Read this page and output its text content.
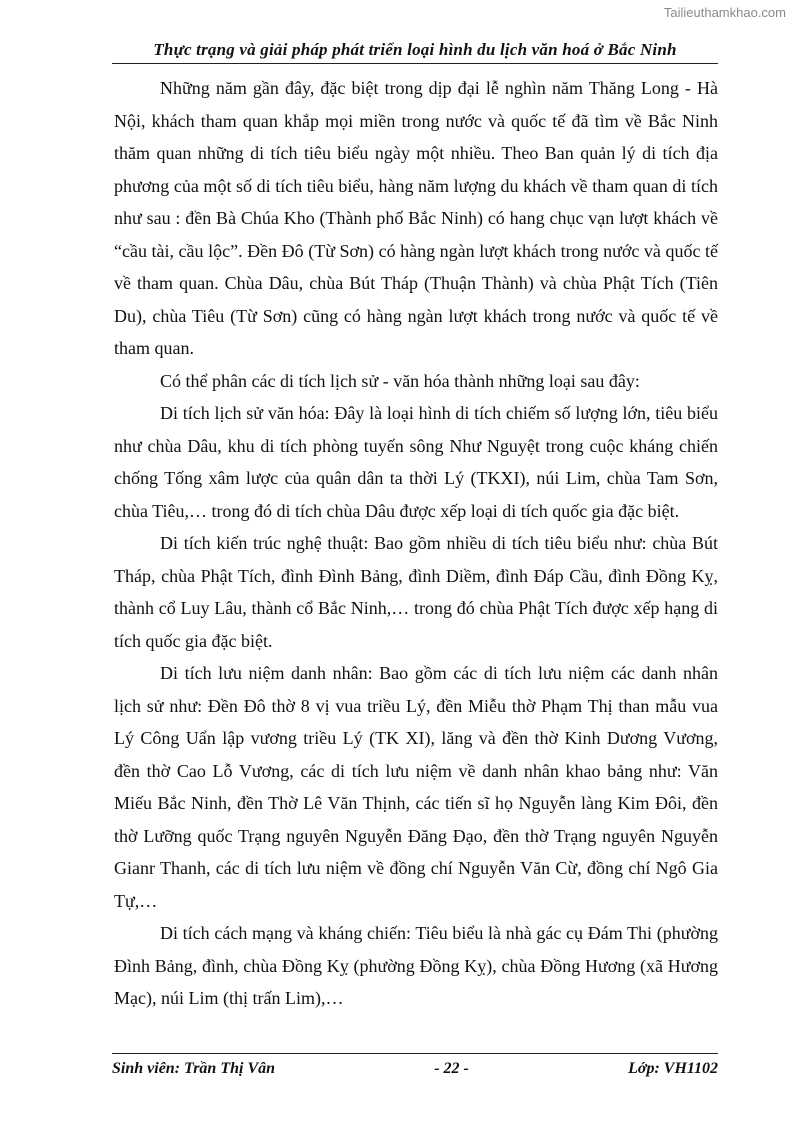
Tailieuthamkhao.com
Thực trạng và giải pháp phát triển loại hình du lịch văn hoá ở Bắc Ninh

Những năm gần đây, đặc biệt trong dịp đại lễ nghìn năm Thăng Long - Hà Nội, khách tham quan khắp mọi miền trong nước và quốc tế đã tìm về Bắc Ninh thăm quan những di tích tiêu biểu ngày một nhiều. Theo Ban quản lý di tích địa phương của một số di tích tiêu biểu, hàng năm lượng du khách về tham quan di tích như sau : đền Bà Chúa Kho (Thành phố Bắc Ninh) có hang chục vạn lượt khách về “cầu tài, cầu lộc”. Đền Đô (Từ Sơn) có hàng ngàn lượt khách trong nước và quốc tế về tham quan. Chùa Dâu, chùa Bút Tháp (Thuận Thành) và chùa Phật Tích (Tiên Du), chùa Tiêu (Từ Sơn) cũng có hàng ngàn lượt khách trong nước và quốc tế về tham quan.

Có thể phân các di tích lịch sử - văn hóa thành những loại sau đây:

Di tích lịch sử văn hóa: Đây là loại hình di tích chiếm số lượng lớn, tiêu biểu như chùa Dâu, khu di tích phòng tuyến sông Như Nguyệt trong cuộc kháng chiến chống Tống xâm lược của quân dân ta thời Lý (TKXI), núi Lim, chùa Tam Sơn, chùa Tiêu,… trong đó di tích chùa Dâu được xếp loại di tích quốc gia đặc biệt.

Di tích kiến trúc nghệ thuật: Bao gồm nhiều di tích tiêu biểu như: chùa Bút Tháp, chùa Phật Tích, đình Đình Bảng, đình Diềm, đình Đáp Cầu, đình Đồng Kỵ, thành cổ Luy Lâu, thành cổ Bắc Ninh,… trong đó chùa Phật Tích được xếp hạng di tích quốc gia đặc biệt.

Di tích lưu niệm danh nhân: Bao gồm các di tích lưu niệm các danh nhân lịch sử như: Đền Đô thờ 8 vị vua triều Lý, đền Miễu thờ Phạm Thị than mẫu vua Lý Công Uẩn lập vương triều Lý (TK XI), lăng và đền thờ Kinh Dương Vương, đền thờ Cao Lỗ Vương, các di tích lưu niệm về danh nhân khao bảng như: Văn Miếu Bắc Ninh, đền Thờ Lê Văn Thịnh, các tiến sĩ họ Nguyễn làng Kim Đôi, đền thờ Lưỡng quốc Trạng nguyên Nguyễn Đăng Đạo, đền thờ Trạng nguyên Nguyễn Gianr Thanh, các di tích lưu niệm về đồng chí Nguyễn Văn Cừ, đồng chí Ngô Gia Tự,…

Di tích cách mạng và kháng chiến: Tiêu biểu là nhà gác cụ Đám Thi (phường Đình Bảng, đình, chùa Đồng Kỵ (phường Đồng Kỵ), chùa Đồng Hương (xã Hương Mạc), núi Lim (thị trấn Lim),…

Sinh viên: Trần Thị Vân	- 22 -	Lớp: VH1102
